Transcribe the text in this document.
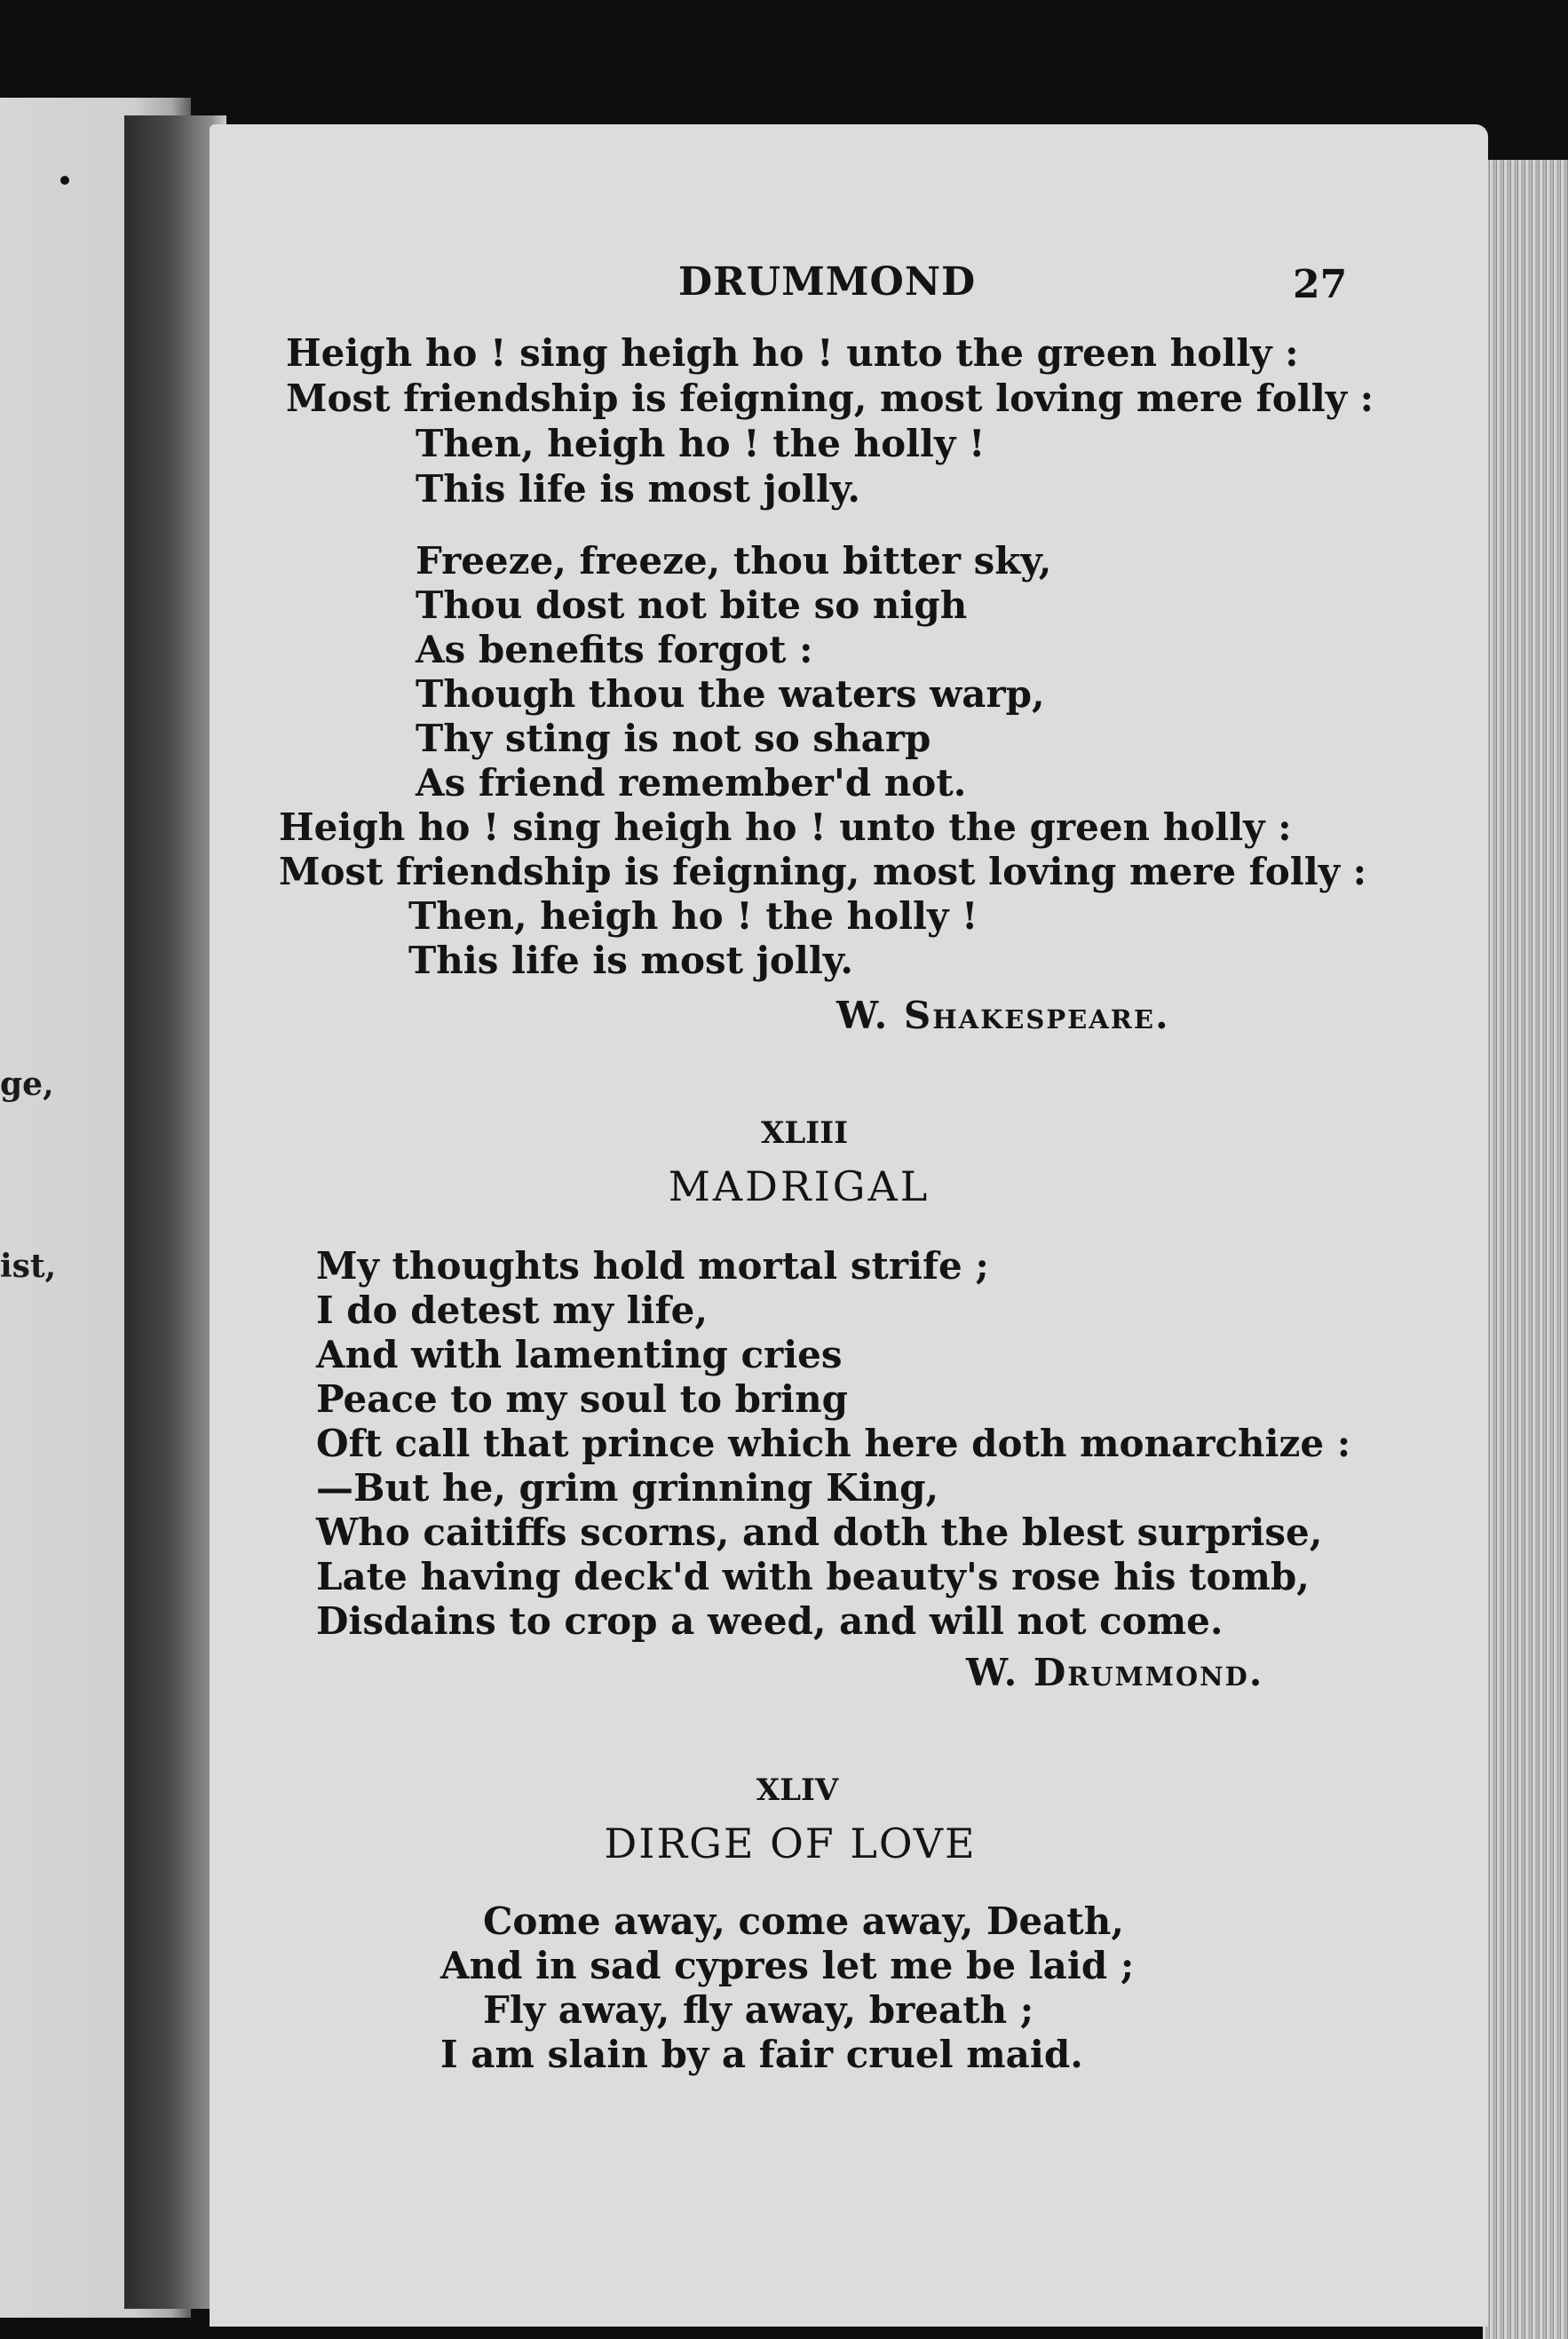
ge,
ist,
DRUMMOND	27
Heigh ho ! sing heigh ho ! unto the green holly :
Most friendship is feigning, most loving mere folly :
Then, heigh ho ! the holly !
This life is most jolly.
Freeze, freeze, thou bitter sky,
Thou dost not bite so nigh
As benefits forgot :
Though thou the waters warp,
Thy sting is not so sharp
As friend remember'd not.
Heigh ho ! sing heigh ho ! unto the green holly :
Most friendship is feigning, most loving mere folly :
Then, heigh ho ! the holly !
This life is most jolly.
W. Shakespeare.
XLIII
MADRIGAL
My thoughts hold mortal strife ;
I do detest my life,
And with lamenting cries
Peace to my soul to bring
Oft call that prince which here doth monarchize :
—But he, grim grinning King,
Who caitiffs scorns, and doth the blest surprise,
Late having deck'd with beauty's rose his tomb,
Disdains to crop a weed, and will not come.
W. Drummond.
XLIV
DIRGE OF LOVE
Come away, come away, Death,
And in sad cypres let me be laid ;
Fly away, fly away, breath ;
I am slain by a fair cruel maid.
